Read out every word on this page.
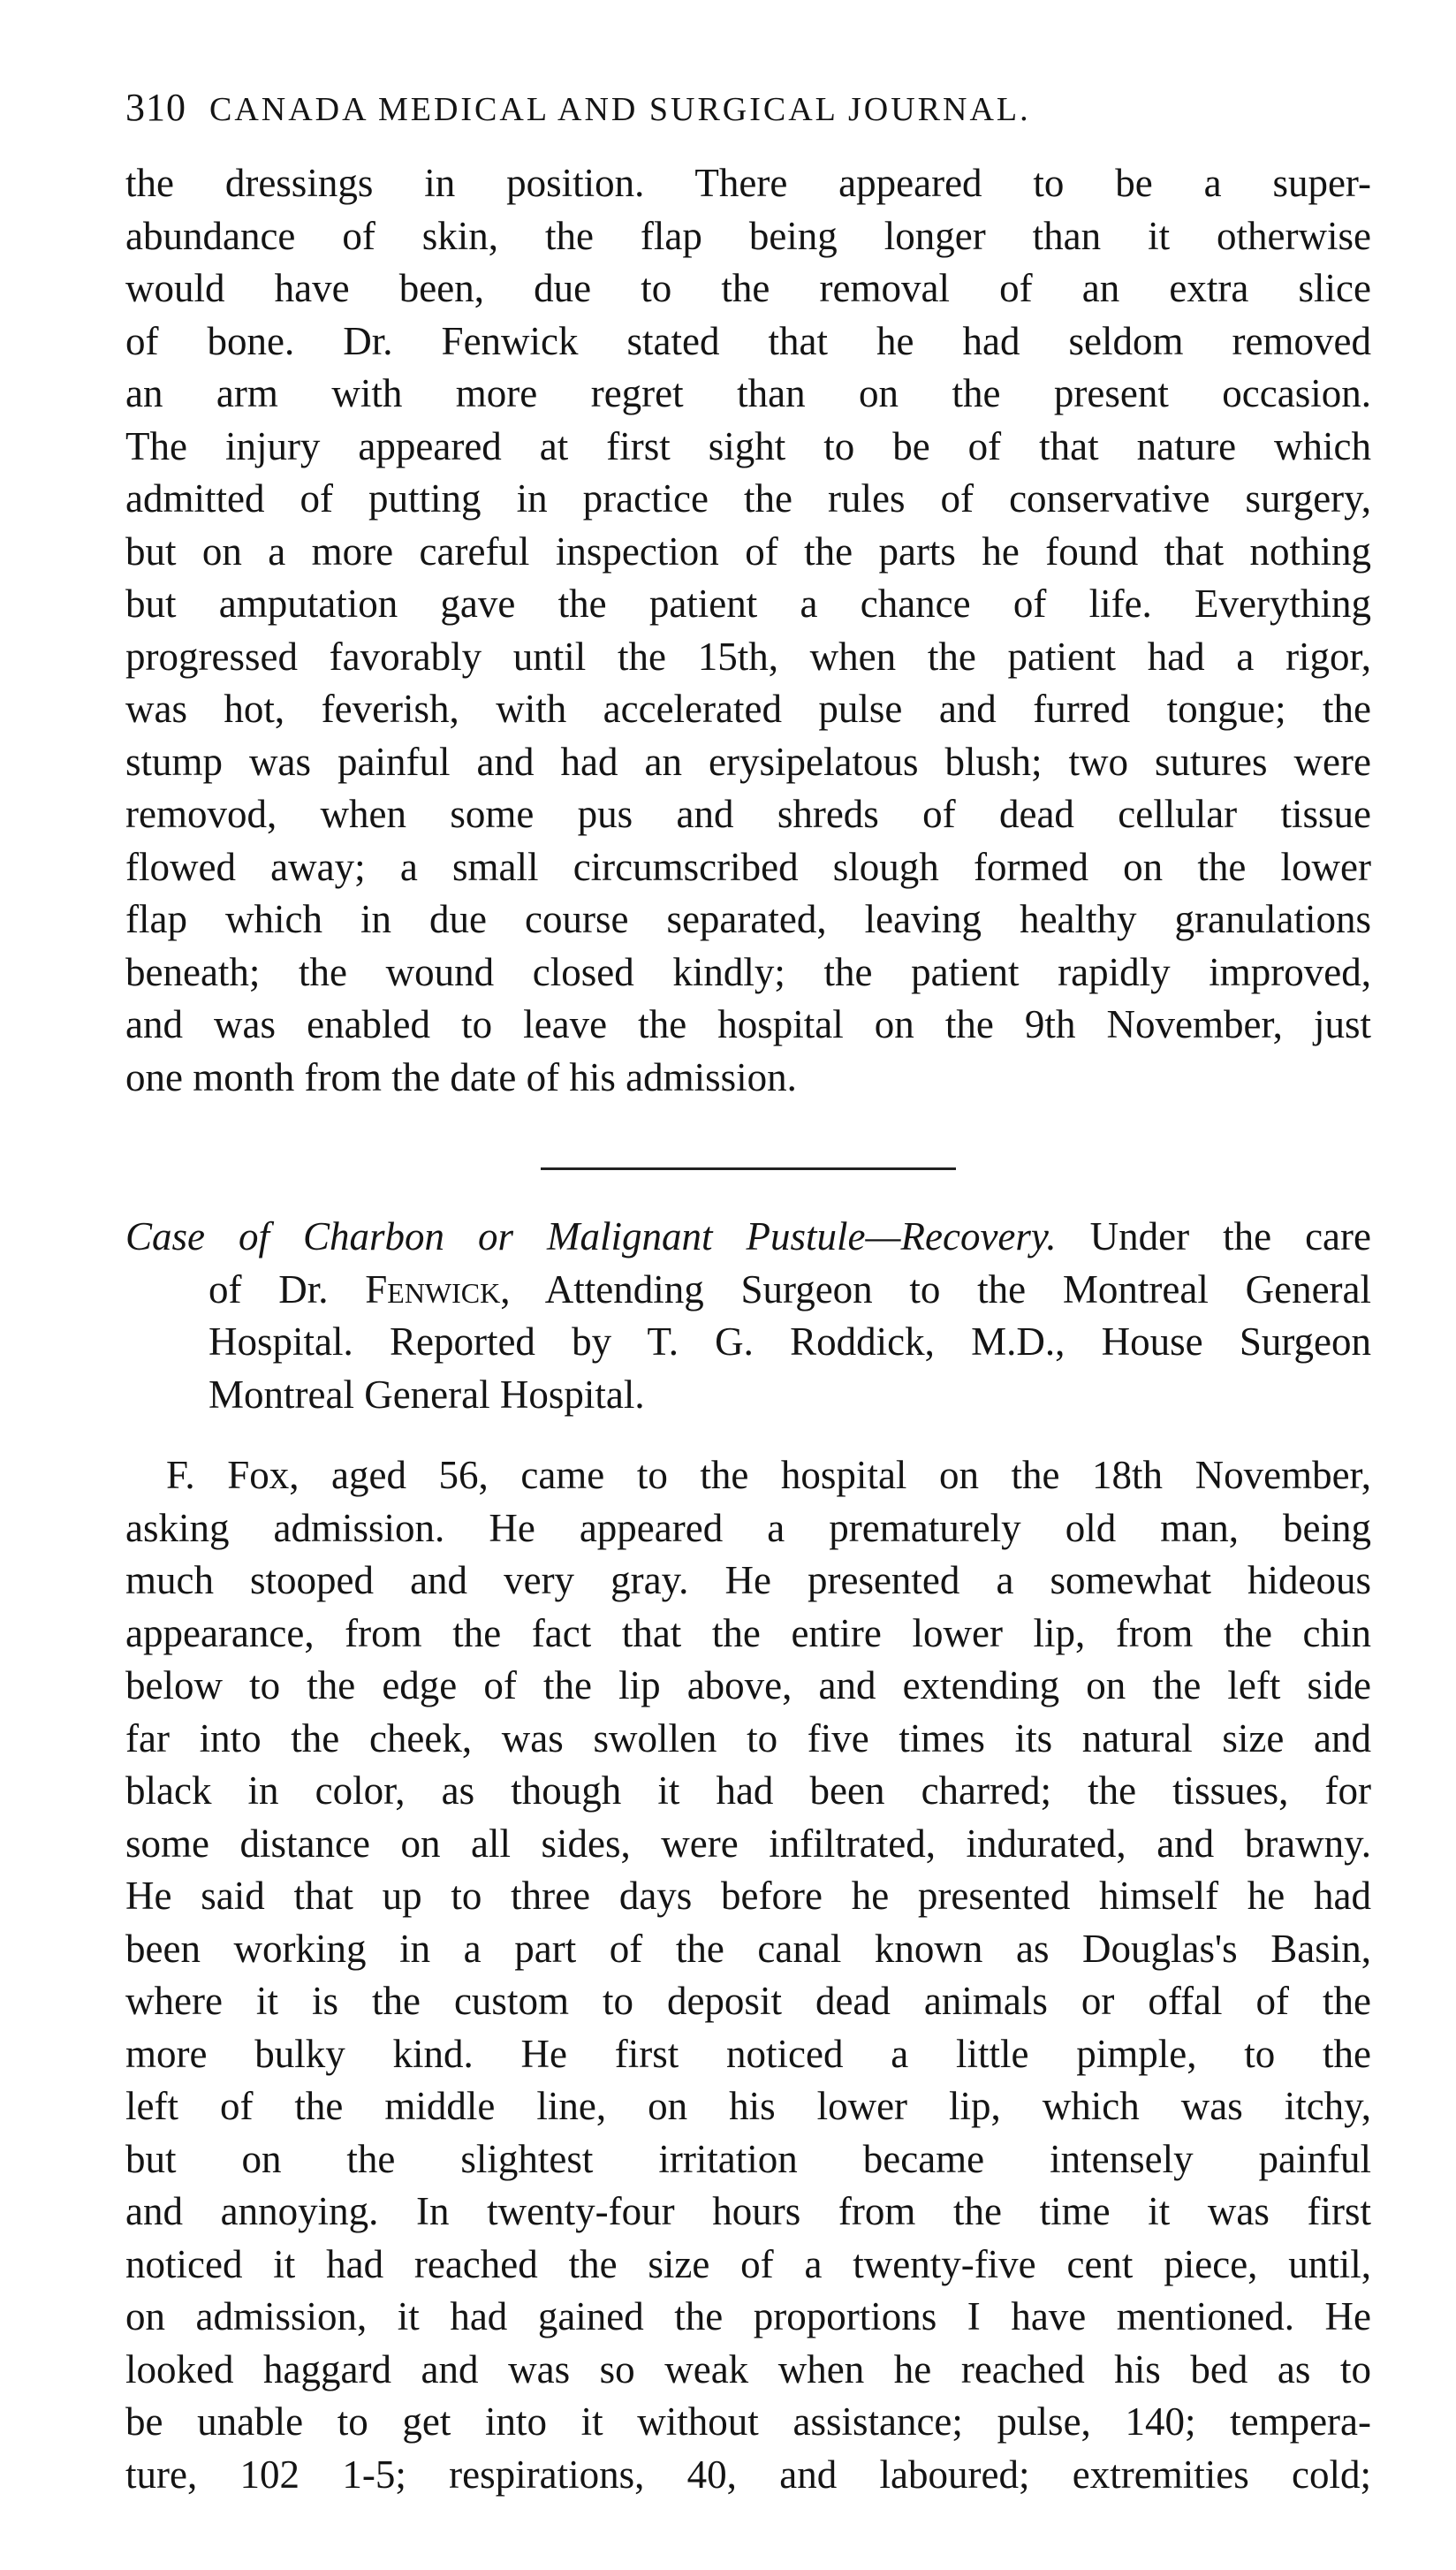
310 CANADA MEDICAL AND SURGICAL JOURNAL.
the dressings in position. There appeared to be a super-
abundance of skin, the flap being longer than it otherwise
would have been, due to the removal of an extra slice
of bone. Dr. Fenwick stated that he had seldom removed
an arm with more regret than on the present occasion.
The injury appeared at first sight to be of that nature which
admitted of putting in practice the rules of conservative surgery,
but on a more careful inspection of the parts he found that nothing
but amputation gave the patient a chance of life. Everything
progressed favorably until the 15th, when the patient had a rigor,
was hot, feverish, with accelerated pulse and furred tongue; the
stump was painful and had an erysipelatous blush; two sutures were
removod, when some pus and shreds of dead cellular tissue
flowed away; a small circumscribed slough formed on the lower
flap which in due course separated, leaving healthy granulations
beneath; the wound closed kindly; the patient rapidly improved,
and was enabled to leave the hospital on the 9th November, just
one month from the date of his admission.
Case of Charbon or Malignant Pustule—Recovery. Under the care
of Dr. Fenwick, Attending Surgeon to the Montreal General
Hospital. Reported by T. G. Roddick, M.D., House Surgeon
Montreal General Hospital.
F. Fox, aged 56, came to the hospital on the 18th November,
asking admission. He appeared a prematurely old man, being
much stooped and very gray. He presented a somewhat hideous
appearance, from the fact that the entire lower lip, from the chin
below to the edge of the lip above, and extending on the left side
far into the cheek, was swollen to five times its natural size and
black in color, as though it had been charred; the tissues, for
some distance on all sides, were infiltrated, indurated, and brawny.
He said that up to three days before he presented himself he had
been working in a part of the canal known as Douglas's Basin,
where it is the custom to deposit dead animals or offal of the
more bulky kind. He first noticed a little pimple, to the
left of the middle line, on his lower lip, which was itchy,
but on the slightest irritation became intensely painful
and annoying. In twenty-four hours from the time it was first
noticed it had reached the size of a twenty-five cent piece, until,
on admission, it had gained the proportions I have mentioned. He
looked haggard and was so weak when he reached his bed as to
be unable to get into it without assistance; pulse, 140; tempera-
ture, 102 1-5; respirations, 40, and laboured; extremities cold;
